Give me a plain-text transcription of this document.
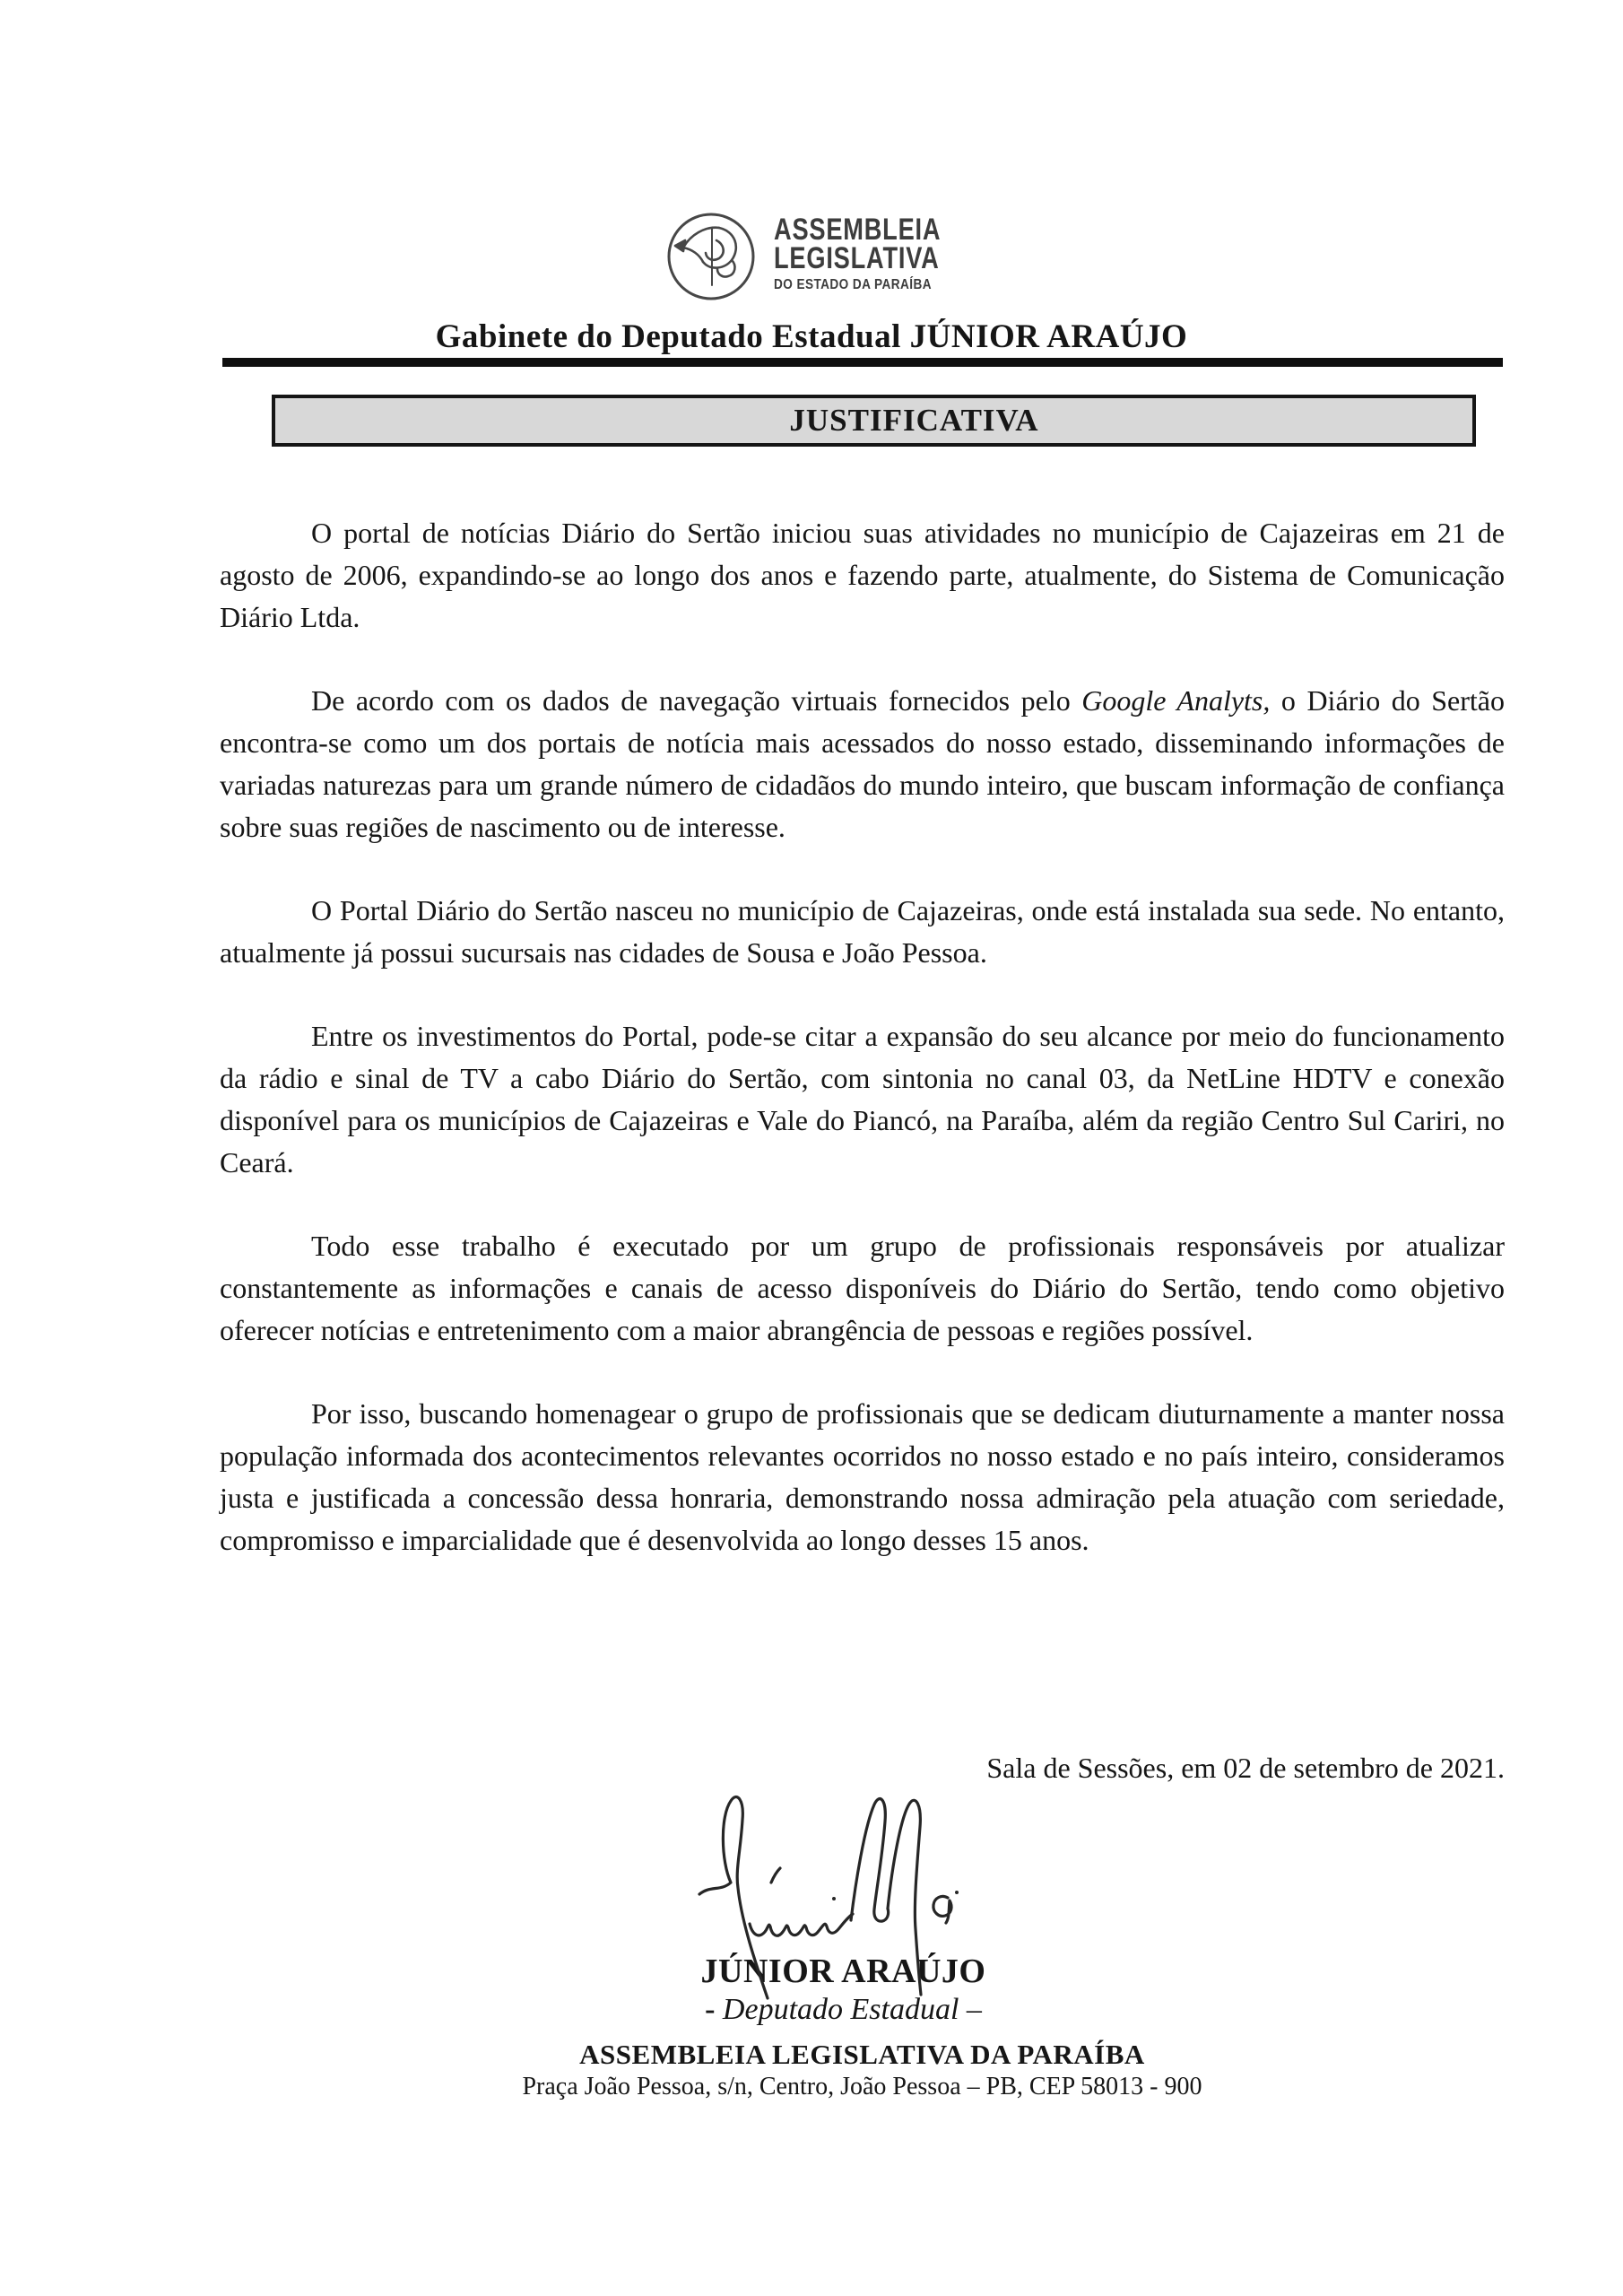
ASSEMBLEIA
LEGISLATIVA
DO ESTADO DA PARAÍBA
Gabinete do Deputado Estadual JÚNIOR ARAÚJO
JUSTIFICATIVA

O portal de notícias Diário do Sertão iniciou suas atividades no município de Cajazeiras em 21 de agosto de 2006, expandindo-se ao longo dos anos e fazendo parte, atualmente, do Sistema de Comunicação Diário Ltda.

De acordo com os dados de navegação virtuais fornecidos pelo Google Analyts, o Diário do Sertão encontra-se como um dos portais de notícia mais acessados do nosso estado, disseminando informações de variadas naturezas para um grande número de cidadãos do mundo inteiro, que buscam informação de confiança sobre suas regiões de nascimento ou de interesse.

O Portal Diário do Sertão nasceu no município de Cajazeiras, onde está instalada sua sede. No entanto, atualmente já possui sucursais nas cidades de Sousa e João Pessoa.

Entre os investimentos do Portal, pode-se citar a expansão do seu alcance por meio do funcionamento da rádio e sinal de TV a cabo Diário do Sertão, com sintonia no canal 03, da NetLine HDTV e conexão disponível para os municípios de Cajazeiras e Vale do Piancó, na Paraíba, além da região Centro Sul Cariri, no Ceará.

Todo esse trabalho é executado por um grupo de profissionais responsáveis por atualizar constantemente as informações e canais de acesso disponíveis do Diário do Sertão, tendo como objetivo oferecer notícias e entretenimento com a maior abrangência de pessoas e regiões possível.

Por isso, buscando homenagear o grupo de profissionais que se dedicam diuturnamente a manter nossa população informada dos acontecimentos relevantes ocorridos no nosso estado e no país inteiro, consideramos justa e justificada a concessão dessa honraria, demonstrando nossa admiração pela atuação com seriedade, compromisso e imparcialidade que é desenvolvida ao longo desses 15 anos.

Sala de Sessões, em 02 de setembro de 2021.
JÚNIOR ARAÚJO
- Deputado Estadual –
ASSEMBLEIA LEGISLATIVA DA PARAÍBA
Praça João Pessoa, s/n, Centro, João Pessoa – PB, CEP 58013 - 900
